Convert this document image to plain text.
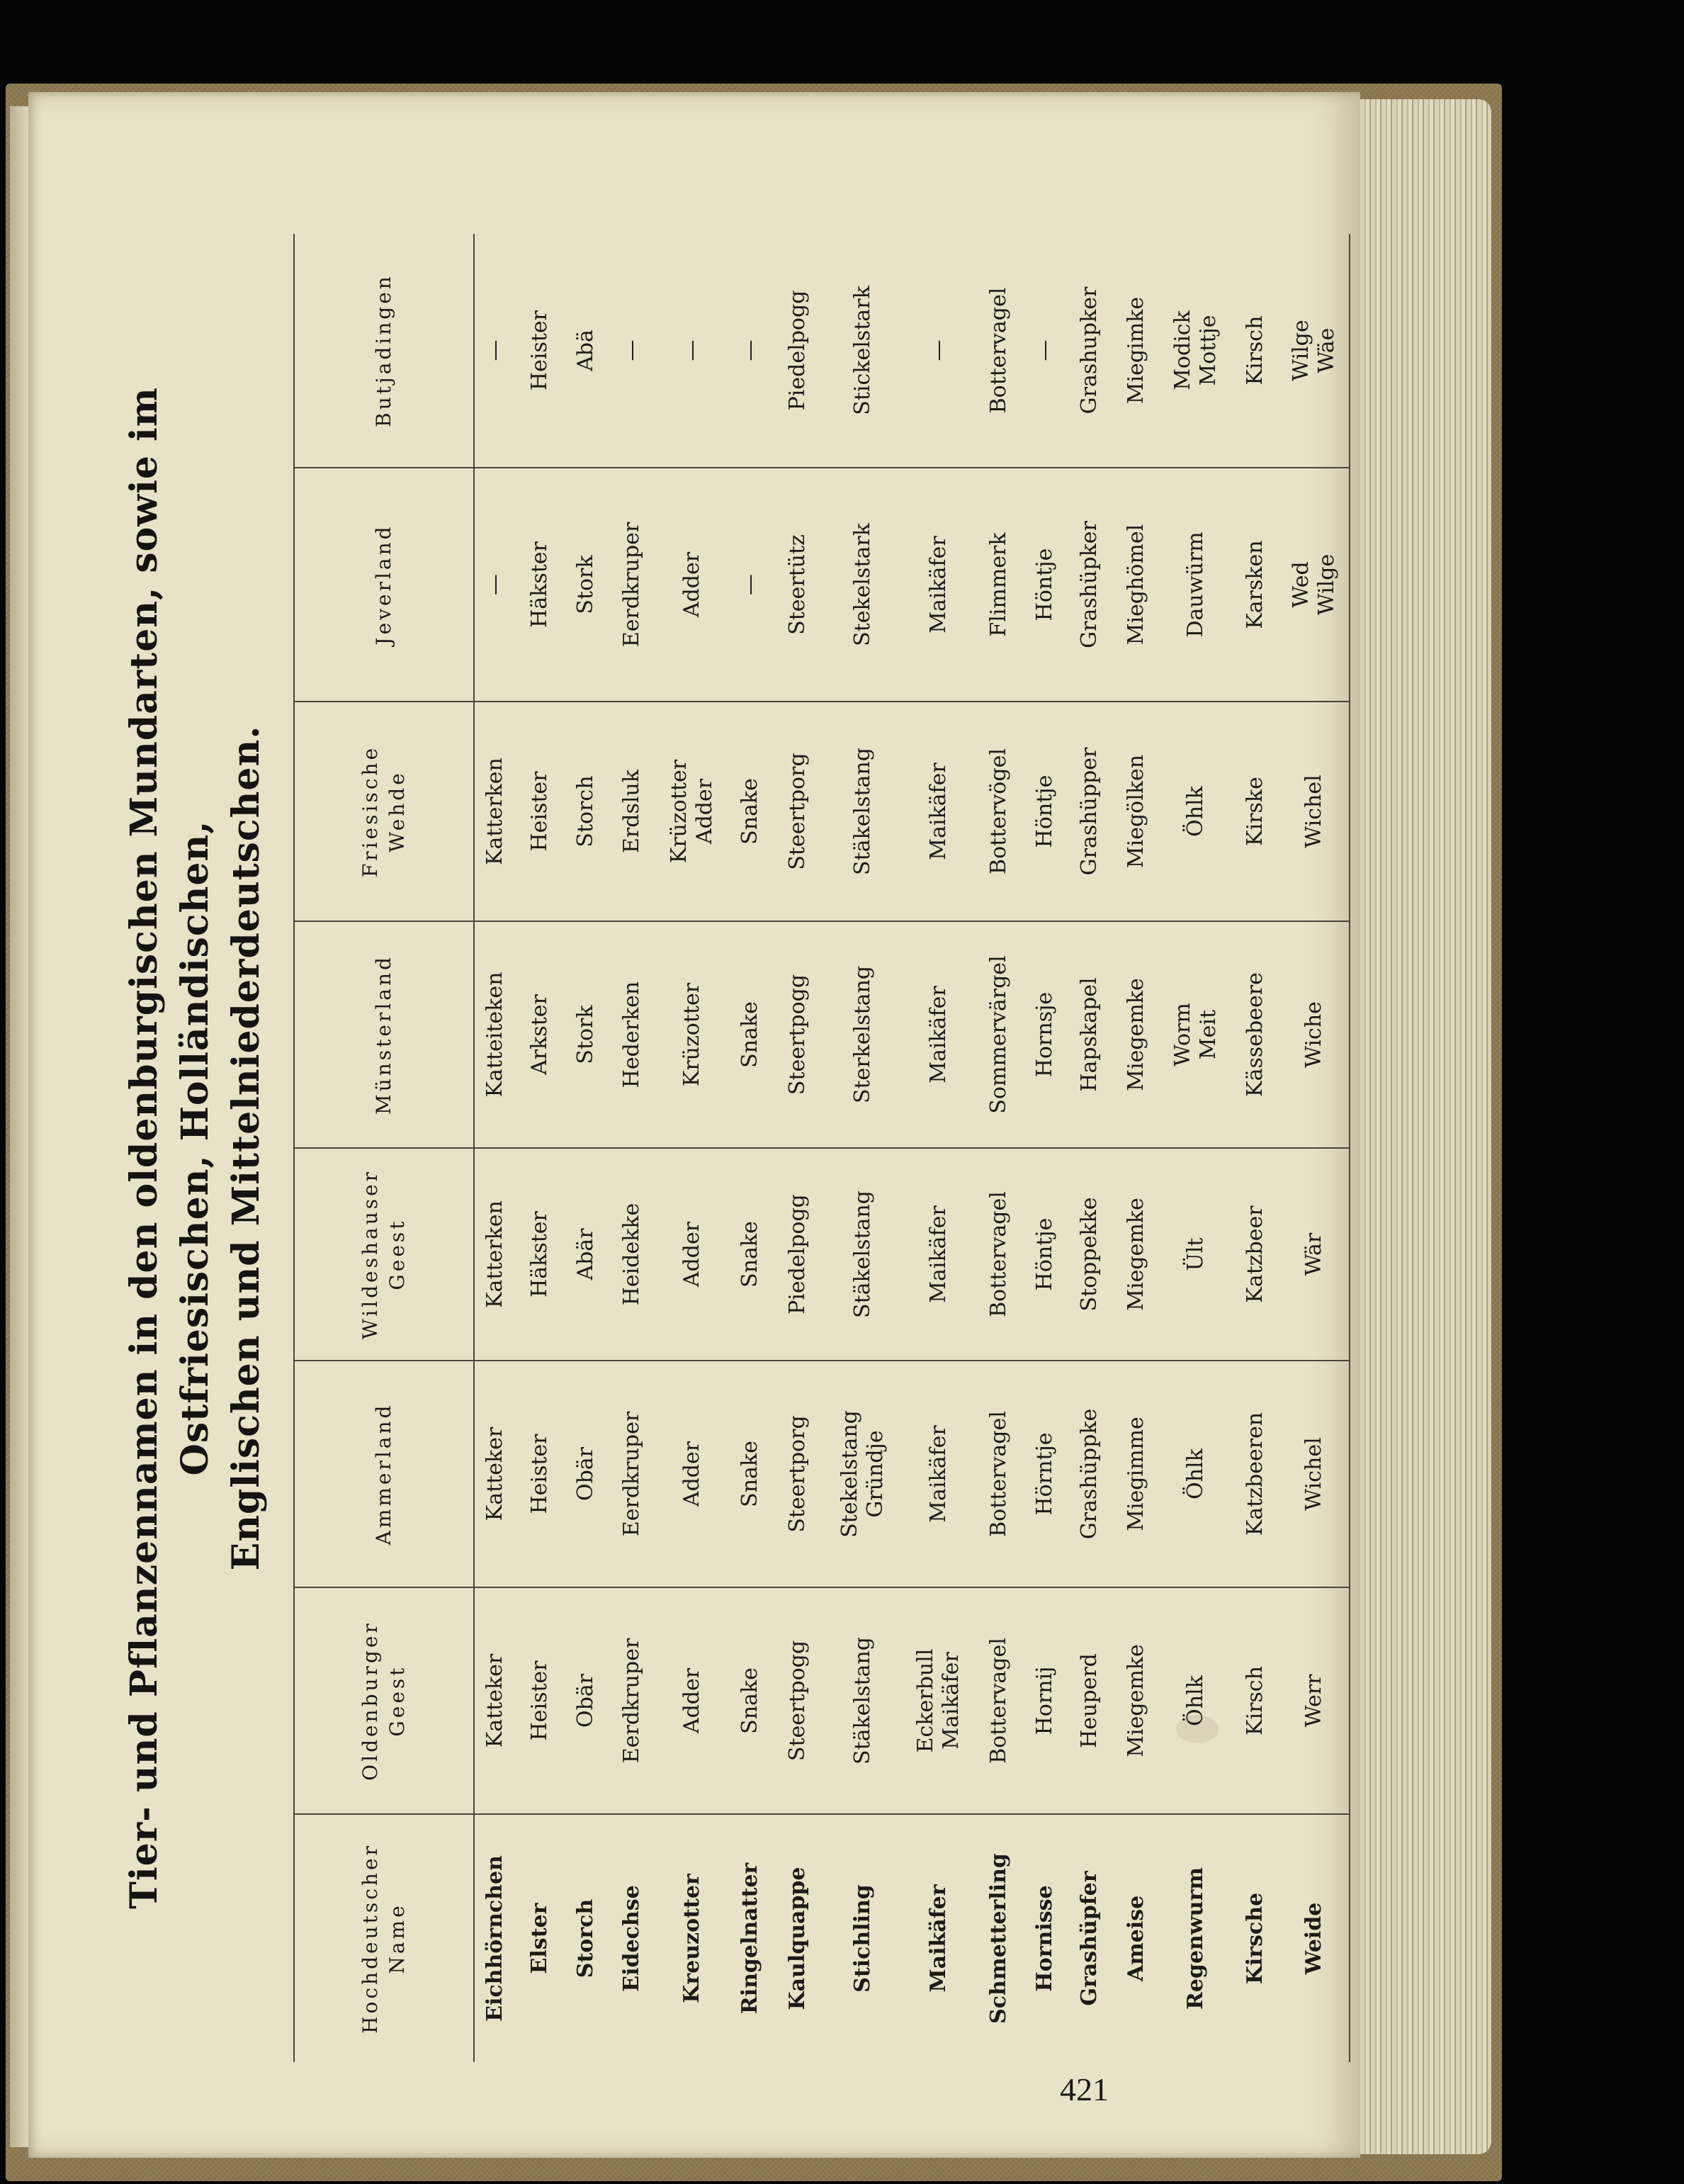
Tier- und Pflanzennamen in den oldenburgischen Mundarten, sowie im Ostfriesischen, Holländischen, Englischen und Mittelniederdeutschen.
Hochdeutscher Name	Oldenburger Geest	Ammerland	Wildeshauser Geest	Münsterland	Friesische Wehde	Jeverland	Butjadingen

Eichhörnchen	Katteker	Katteker	Katterken	Katteiteken	Katterken	—	—

Elster	Heister	Heister	Häkster	Arkster	Heister	Häkster	Heister

Storch	Obär	Obär	Abär	Stork	Storch	Stork	Abä

Eidechse	Eerdkruper	Eerdkruper	Heidekke	Hederken	Erdsluk	Eerdkruper	—

Kreuzotter	Adder	Adder	Adder	Krüzotter	Krüzotter Adder	Adder	—

Ringelnatter	Snake	Snake	Snake	Snake	Snake	—	—

Kaulquappe	Steertpogg	Steertporg	Piedelpogg	Steertpogg	Steertporg	Steertütz	Piedelpogg

Stichling	Stäkelstang	Stekelstang Gründje	Stäkelstang	Sterkelstang	Stäkelstang	Stekelstark	Stickelstark

Maikäfer	Eckerbull Maikäfer	Maikäfer	Maikäfer	Maikäfer	Maikäfer	Maikäfer	—

Schmetterling	Bottervagel	Bottervagel	Bottervagel	Sommervärgel	Bottervögel	Flimmerk	Bottervagel

Hornisse	Hornij	Hörntje	Höntje	Hornsje	Höntje	Höntje	—

Grashüpfer	Heuperd	Grashüppke	Stoppekke	Hapskapel	Grashüpper	Grashüpker	Grashupker

Ameise	Miegemke	Miegimme	Miegemke	Miegemke	Miegölken	Mieghömel	Miegimke

Regenwurm	Öhlk	Öhlk	Ült	Worm Meit	Öhlk	Dauwürm	Modick Mottje

Kirsche	Kirsch	Katzbeeren	Katzbeer	Kässebeere	Kirske	Karsken	Kirsch

Weide	Werr	Wichel	Wär	Wiche	Wichel	Wed Wilge	Wilge Wäe
421
